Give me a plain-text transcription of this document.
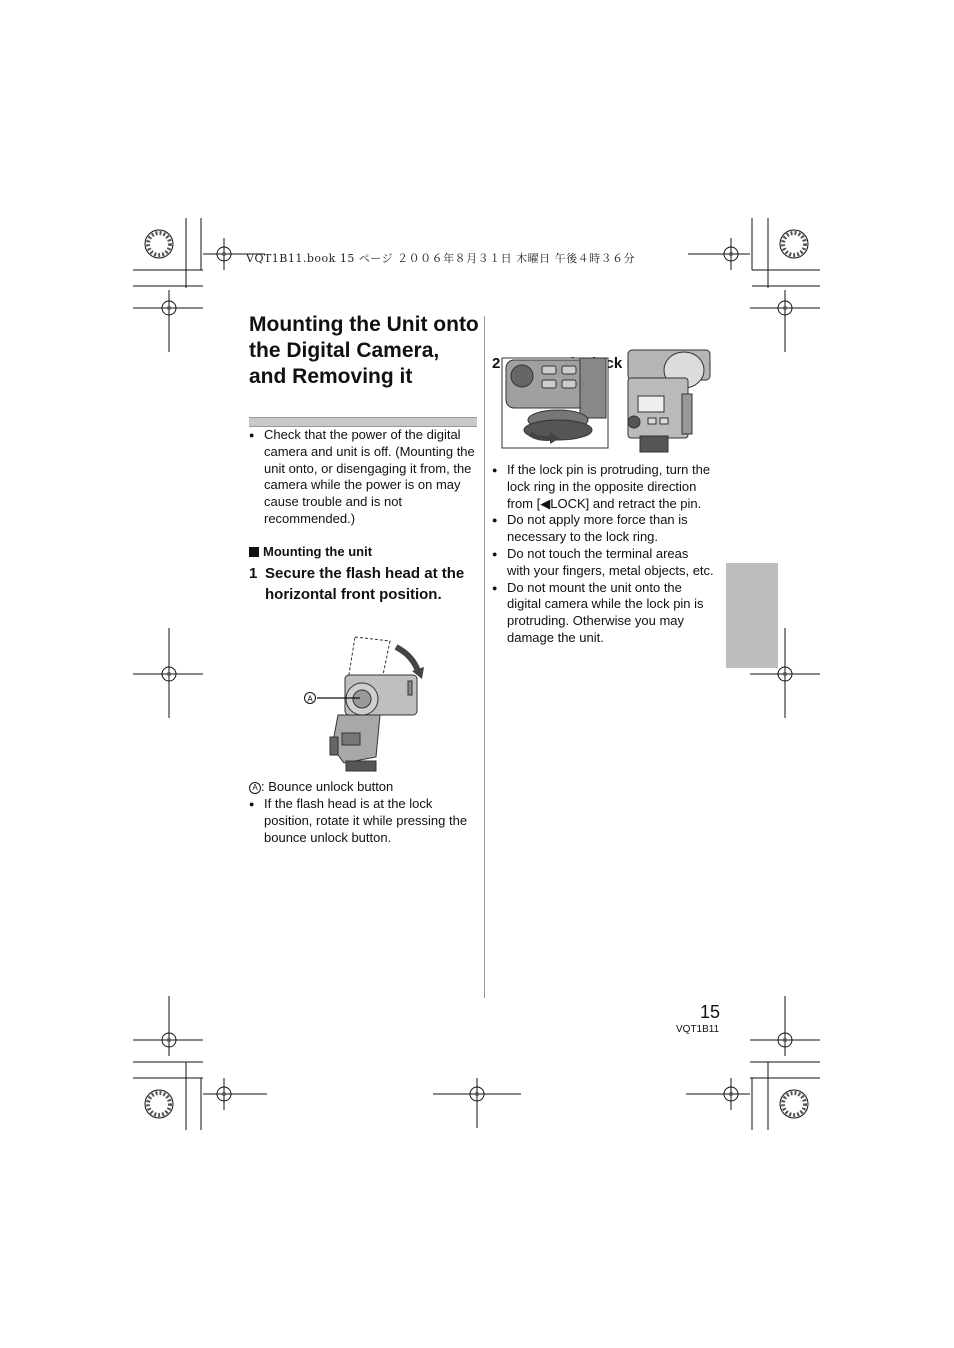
VQT1B11.book 15 ページ ２００６年８月３１日 木曜日 午後４時３６分
Mounting the Unit onto the Digital Camera, and Removing it
● Check that the power of the digital camera and unit is off. (Mounting the unit onto, or disengaging it from, the camera while the power is on may cause trouble and is not recommended.)
Mounting the unit
1 Secure the flash head at the horizontal front position.
A
A : Bounce unlock button
● If the flash head is at the lock position, rotate it while pressing the bounce unlock button.
2
● If the lock pin is protruding, turn the lock ring in the opposite direction from [◀LOCK] and retract the pin.
● Do not apply more force than is necessary to the lock ring.
● Do not touch the terminal areas with your fingers, metal objects, etc.
● Do not mount the unit onto the digital camera while the lock pin is protruding. Otherwise you may damage the unit.
15
VQT1B11
